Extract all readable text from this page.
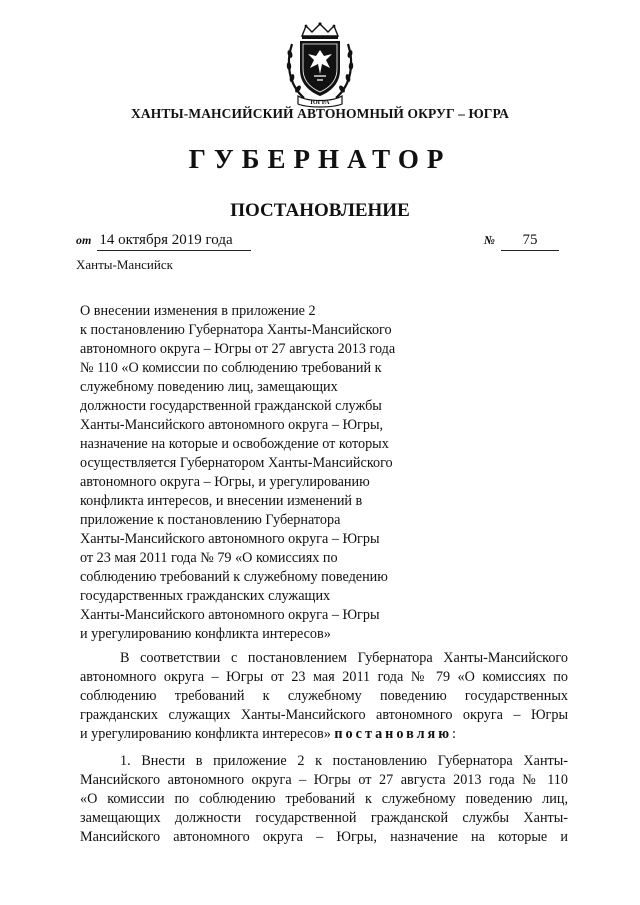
ЮГРА
ХАНТЫ-МАНСИЙСКИЙ АВТОНОМНЫЙ ОКРУГ – ЮГРА
ГУБЕРНАТОР
ПОСТАНОВЛЕНИЕ
от 14 октября 2019 года	№ 75
Ханты-Мансийск
О внесении изменения в приложение 2
к постановлению Губернатора Ханты-Мансийского
автономного округа – Югры от 27 августа 2013 года
№ 110 «О комиссии по соблюдению требований к
служебному поведению лиц, замещающих
должности государственной гражданской службы
Ханты-Мансийского автономного округа – Югры,
назначение на которые и освобождение от которых
осуществляется Губернатором Ханты-Мансийского
автономного округа – Югры, и урегулированию
конфликта интересов, и внесении изменений в
приложение к постановлению Губернатора
Ханты-Мансийского автономного округа – Югры
от 23 мая 2011 года № 79 «О комиссиях по
соблюдению требований к служебному поведению
государственных гражданских служащих
Ханты-Мансийского автономного округа – Югры
и урегулированию конфликта интересов»
В соответствии с постановлением Губернатора Ханты-Мансийского
автономного округа – Югры от 23 мая 2011 года № 79 «О комиссиях по
соблюдению требований к служебному поведению государственных
гражданских служащих Ханты-Мансийского автономного округа – Югры
и урегулированию конфликта интересов» постановляю:
1. Внести в приложение 2 к постановлению Губернатора Ханты-
Мансийского автономного округа – Югры от 27 августа 2013 года № 110
«О комиссии по соблюдению требований к служебному поведению лиц,
замещающих должности государственной гражданской службы Ханты-
Мансийского автономного округа – Югры, назначение на которые и
